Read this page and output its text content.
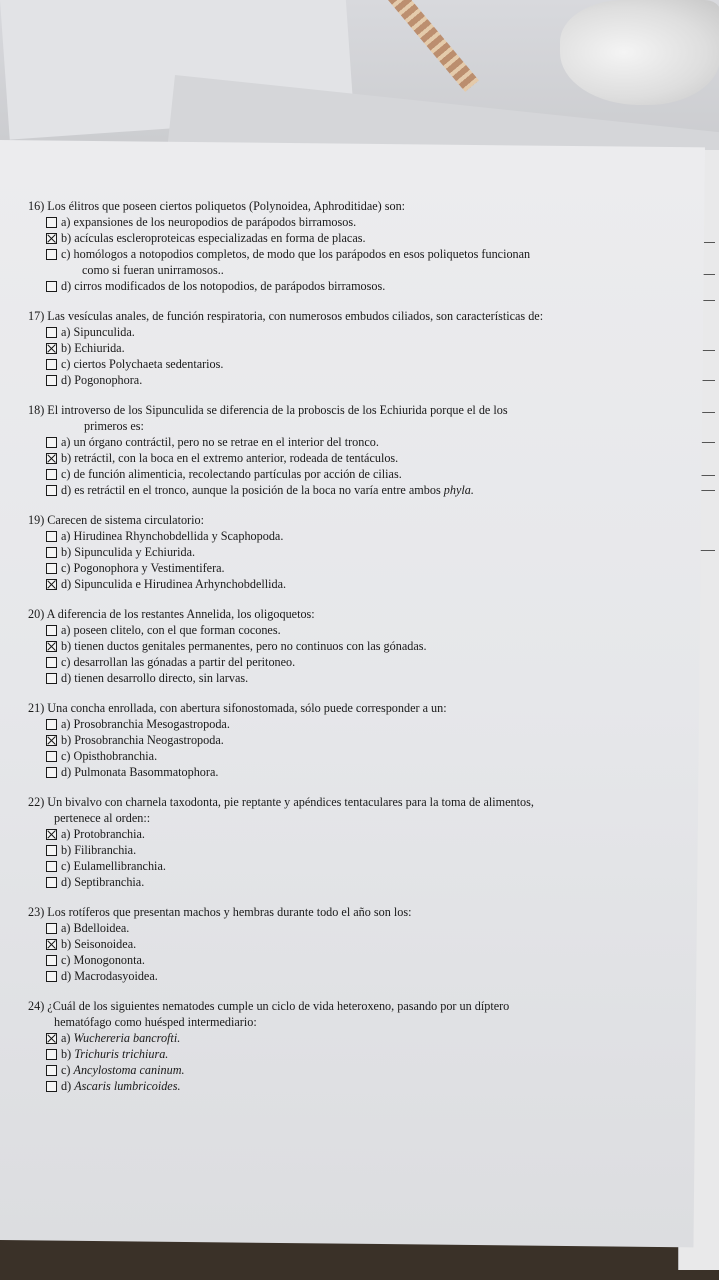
16) Los élitros que poseen ciertos poliquetos (Polynoidea, Aphroditidae) son:
a) expansiones de los neuropodios de parápodos birramosos.
b) acículas escleroproteicas especializadas en forma de placas.
c) homólogos a notopodios completos, de modo que los parápodos en esos poliquetos funcionan
como si fueran unirramosos..
d) cirros modificados de los notopodios, de parápodos birramosos.
17) Las vesículas anales, de función respiratoria, con numerosos embudos ciliados, son características de:
a) Sipunculida.
b) Echiurida.
c) ciertos Polychaeta sedentarios.
d) Pogonophora.
18) El introverso de los Sipunculida se diferencia de la proboscis de los Echiurida porque el de los
primeros es:
a) un órgano contráctil, pero no se retrae en el interior del tronco.
b) retráctil, con la boca en el extremo anterior, rodeada de tentáculos.
c) de función alimenticia, recolectando partículas por acción de cilias.
d) es retráctil en el tronco, aunque la posición de la boca no varía entre ambos phyla.
19) Carecen de sistema circulatorio:
a) Hirudinea Rhynchobdellida y Scaphopoda.
b) Sipunculida y Echiurida.
c) Pogonophora y Vestimentifera.
d) Sipunculida e Hirudinea Arhynchobdellida.
20) A diferencia de los restantes Annelida, los oligoquetos:
a) poseen clitelo, con el que forman cocones.
b) tienen ductos genitales permanentes, pero no continuos con las gónadas.
c) desarrollan las gónadas a partir del peritoneo.
d) tienen desarrollo directo, sin larvas.
21) Una concha enrollada, con abertura sifonostomada, sólo puede corresponder a un:
a) Prosobranchia Mesogastropoda.
b) Prosobranchia Neogastropoda.
c) Opisthobranchia.
d) Pulmonata Basommatophora.
22) Un bivalvo con charnela taxodonta, pie reptante y apéndices tentaculares para la toma de alimentos,
pertenece al orden::
a) Protobranchia.
b) Filibranchia.
c) Eulamellibranchia.
d) Septibranchia.
23) Los rotíferos que presentan machos y hembras durante todo el año son los:
a) Bdelloidea.
b) Seisonoidea.
c) Monogononta.
d) Macrodasyoidea.
24) ¿Cuál de los siguientes nematodes cumple un ciclo de vida heteroxeno, pasando por un díptero
hematófago como huésped intermediario:
a) Wuchereria bancrofti.
b) Trichuris trichiura.
c) Ancylostoma caninum.
d) Ascaris lumbricoides.
